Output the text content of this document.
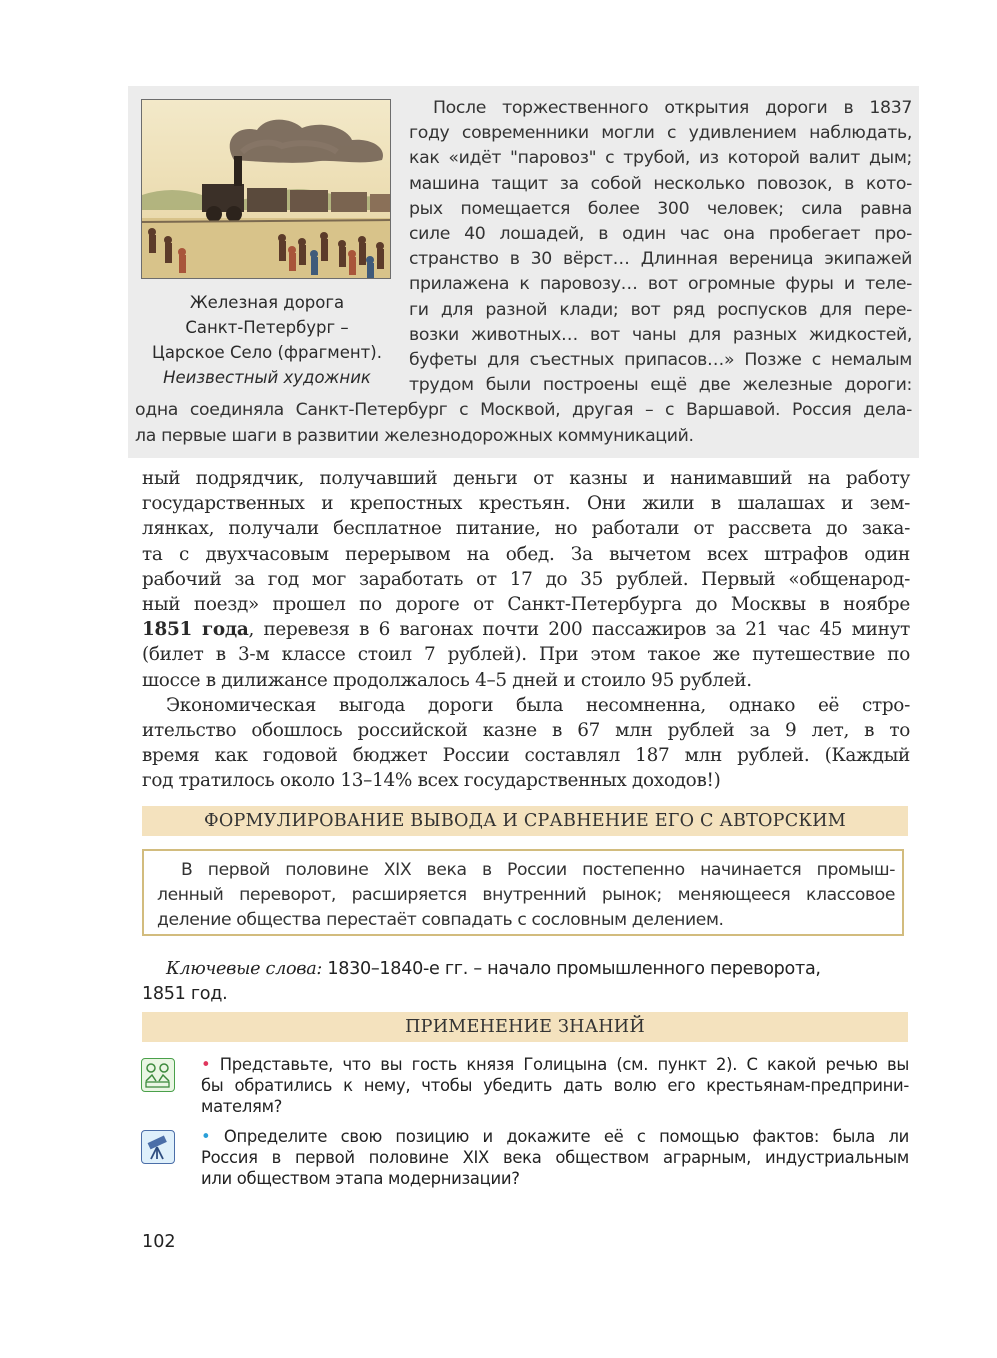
Железная дорога
Санкт-Петербург –
Царское Село (фрагмент).
Неизвестный художник
После торжественного открытия дороги в 1837
году современники могли с удивлением наблюдать,
как «идёт "паровоз" с трубой, из которой валит дым;
машина тащит за собой несколько повозок, в кото-
рых помещается более 300 человек; сила равна
силе 40 лошадей, в один час она пробегает про-
странство в 30 вёрст… Длинная вереница экипажей
прилажена к паровозу… вот огромные фуры и теле-
ги для разной клади; вот ряд роспусков для пере-
возки животных… вот чаны для разных жидкостей,
буфеты для съестных припасов…» Позже с немалым
трудом были построены ещё две железные дороги:
одна соединяла Санкт-Петербург с Москвой, другая – с Варшавой. Россия дела-
ла первые шаги в развитии железнодорожных коммуникаций.
ный подрядчик, получавший деньги от казны и нанимавший на работу
государственных и крепостных крестьян. Они жили в шалашах и зем-
лянках, получали бесплатное питание, но работали от рассвета до зака-
та с двухчасовым перерывом на обед. За вычетом всех штрафов один
рабочий за год мог заработать от 17 до 35 рублей. Первый «общенарод-
ный поезд» прошел по дороге от Санкт-Петербурга до Москвы в ноябре
1851 года, перевезя в 6 вагонах почти 200 пассажиров за 21 час 45 минут
(билет в 3-м классе стоил 7 рублей). При этом такое же путешествие по
шоссе в дилижансе продолжалось 4–5 дней и стоило 95 рублей.
Экономическая выгода дороги была несомненна, однако её стро-
ительство обошлось российской казне в 67 млн рублей за 9 лет, в то
время как годовой бюджет России составлял 187 млн рублей. (Каждый
год тратилось около 13–14% всех государственных доходов!)
ФОРМУЛИРОВАНИЕ ВЫВОДА И СРАВНЕНИЕ ЕГО С АВТОРСКИМ
В первой половине XIX века в России постепенно начинается промыш-
ленный переворот, расширяется внутренний рынок; меняющееся классовое
деление общества перестаёт совпадать с сословным делением.
Ключевые слова: 1830–1840-е гг. – начало промышленного переворота,
1851 год.
ПРИМЕНЕНИЕ ЗНАНИЙ
• Представьте, что вы гость князя Голицына (см. пункт 2). С какой речью вы
бы обратились к нему, чтобы убедить дать волю его крестьянам-предприни-
мателям?
• Определите свою позицию и докажите её с помощью фактов: была ли
Россия в первой половине XIX века обществом аграрным, индустриальным
или обществом этапа модернизации?
102
